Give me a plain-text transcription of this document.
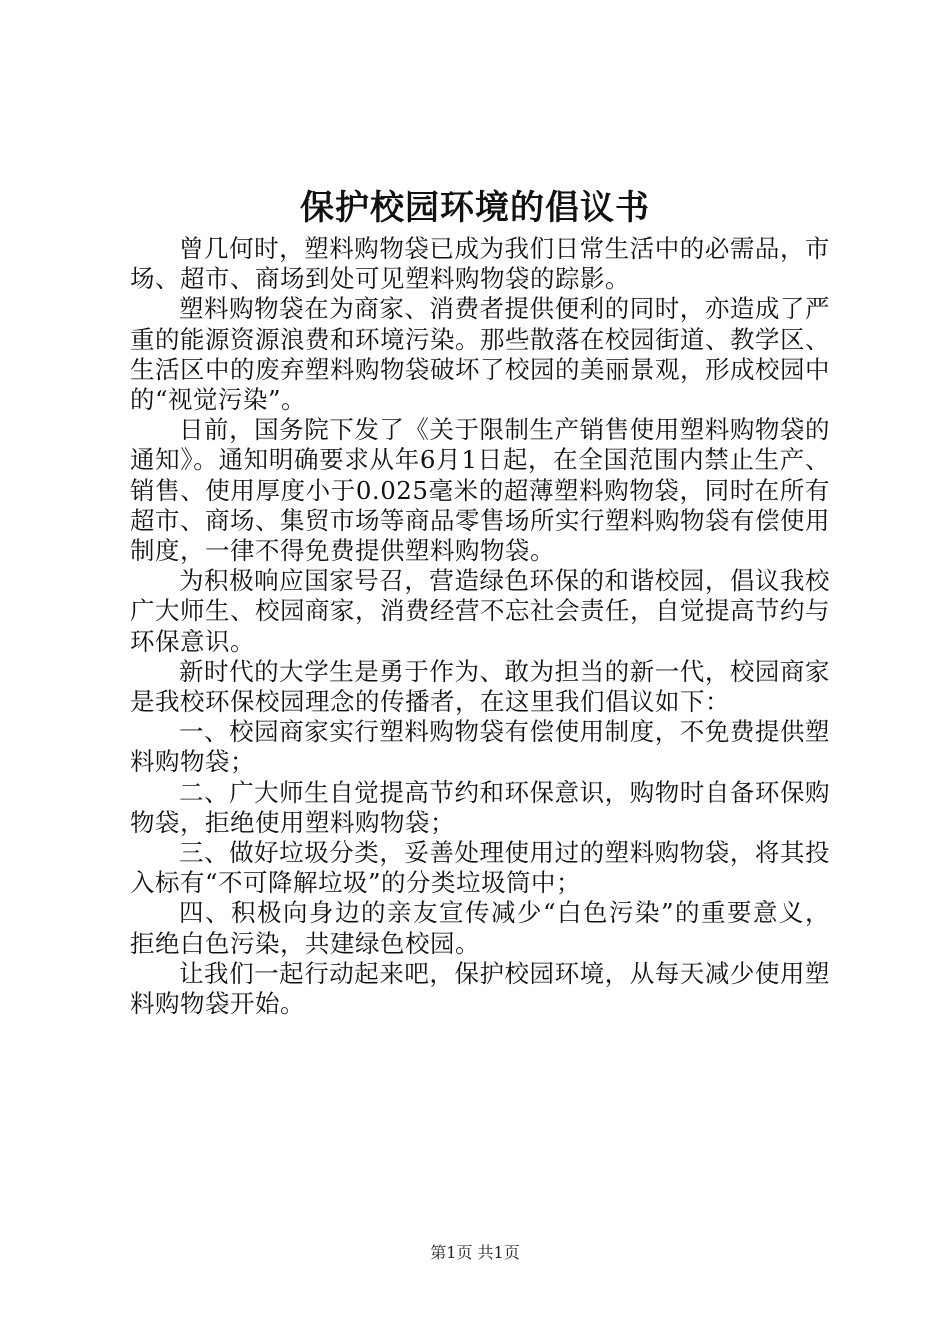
保护校园环境的倡议书

曾几何时，塑料购物袋已成为我们日常生活中的必需品，市场、超市、商场到处可见塑料购物袋的踪影。

塑料购物袋在为商家、消费者提供便利的同时，亦造成了严重的能源资源浪费和环境污染。那些散落在校园街道、教学区、生活区中的废弃塑料购物袋破坏了校园的美丽景观，形成校园中的“视觉污染”。

日前，国务院下发了《关于限制生产销售使用塑料购物袋的通知》。通知明确要求从年6月1日起，在全国范围内禁止生产、销售、使用厚度小于0.025毫米的超薄塑料购物袋，同时在所有超市、商场、集贸市场等商品零售场所实行塑料购物袋有偿使用制度，一律不得免费提供塑料购物袋。

为积极响应国家号召，营造绿色环保的和谐校园，倡议我校广大师生、校园商家，消费经营不忘社会责任，自觉提高节约与环保意识。

新时代的大学生是勇于作为、敢为担当的新一代，校园商家是我校环保校园理念的传播者，在这里我们倡议如下：

一、校园商家实行塑料购物袋有偿使用制度，不免费提供塑料购物袋；

二、广大师生自觉提高节约和环保意识，购物时自备环保购物袋，拒绝使用塑料购物袋；

三、做好垃圾分类，妥善处理使用过的塑料购物袋，将其投入标有“不可降解垃圾”的分类垃圾筒中；

四、积极向身边的亲友宣传减少“白色污染”的重要意义，拒绝白色污染，共建绿色校园。

让我们一起行动起来吧，保护校园环境，从每天减少使用塑料购物袋开始。

第1页 共1页
